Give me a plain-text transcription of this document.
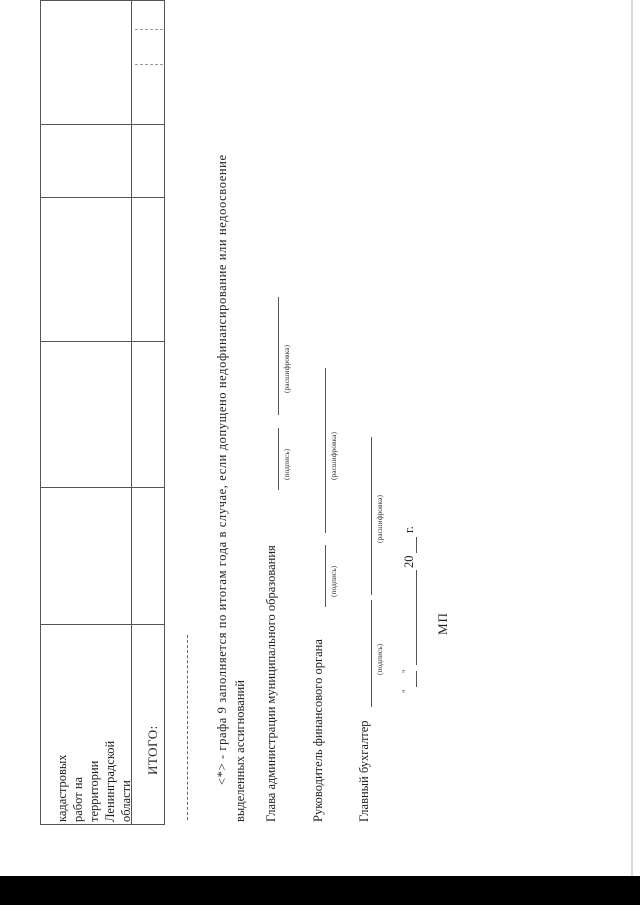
кадастровых
работ на
территории
Ленинградской
области
ИТОГО:	<*> - графа 9 заполняется по итогам года в случае, если допущено недофинансирование или недоосвоение выделенных ассигнований Глава администрации муниципального образования
(подпись)
(расшифровка)
Руководитель финансового органа
(подпись)
(расшифровка)
Главный бухгалтер
(подпись)
(расшифровка)
"
"
20
г.
МП
